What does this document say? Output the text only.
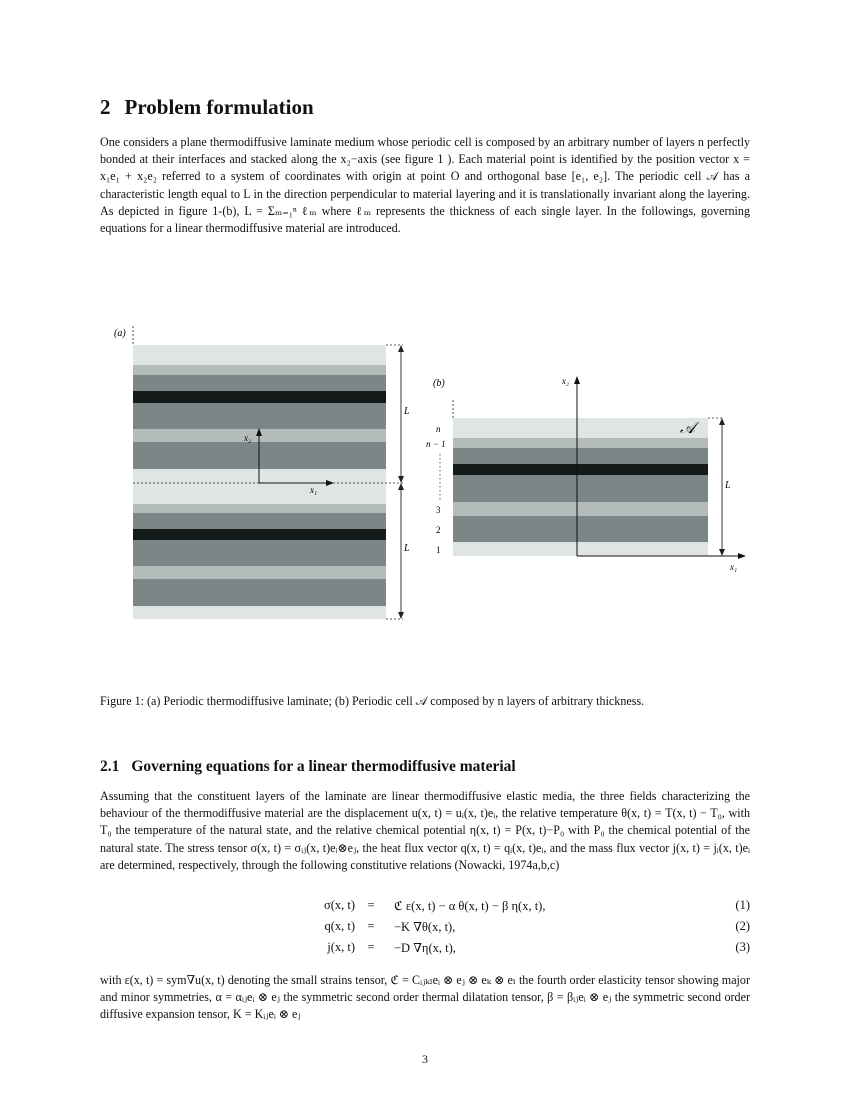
2 Problem formulation
One considers a plane thermodiffusive laminate medium whose periodic cell is composed by an arbitrary number of layers n perfectly bonded at their interfaces and stacked along the x₂−axis (see figure 1 ). Each material point is identified by the position vector x = x₁e₁ + x₂e₂ referred to a system of coordinates with origin at point O and orthogonal base [e₁, e₂]. The periodic cell 𝒜 has a characteristic length equal to L in the direction perpendicular to material layering and it is translationally invariant along the layering. As depicted in figure 1-(b), L = Σₘ₌₁ⁿ ℓₘ where ℓₘ represents the thickness of each single layer. In the followings, governing equations for a linear thermodiffusive material are introduced.
(a)
L
L
x₂
x₁
(b)
L
𝒜
n
n − 1
3
2
1
x₂
x₁
Figure 1: (a) Periodic thermodiffusive laminate; (b) Periodic cell 𝒜 composed by n layers of arbitrary thickness.
2.1 Governing equations for a linear thermodiffusive material
Assuming that the constituent layers of the laminate are linear thermodiffusive elastic media, the three fields characterizing the behaviour of the thermodiffusive material are the displacement u(x, t) = uᵢ(x, t)eᵢ, the relative temperature θ(x, t) = T(x, t) − T₀, with T₀ the temperature of the natural state, and the relative chemical potential η(x, t) = P(x, t)−P₀ with P₀ the chemical potential of the natural state. The stress tensor σ(x, t) = σᵢⱼ(x, t)eᵢ⊗eⱼ, the heat flux vector q(x, t) = qᵢ(x, t)eᵢ, and the mass flux vector j(x, t) = jᵢ(x, t)eᵢ are determined, respectively, through the following constitutive relations (Nowacki, 1974a,b,c)
σ(x, t) =	ℭ ε(x, t) − α θ(x, t) − β η(x, t),	(1)
q(x, t) =	−K ∇θ(x, t),	(2)
j(x, t) =	−D ∇η(x, t),	(3)
with ε(x, t) = sym∇u(x, t) denoting the small strains tensor, ℭ = Cᵢⱼₖₗeᵢ ⊗ eⱼ ⊗ eₖ ⊗ eₗ the fourth order elasticity tensor showing major and minor symmetries, α = αᵢⱼeᵢ ⊗ eⱼ the symmetric second order thermal dilatation tensor, β = βᵢⱼeᵢ ⊗ eⱼ the symmetric second order diffusive expansion tensor, K = Kᵢⱼeᵢ ⊗ eⱼ
3
